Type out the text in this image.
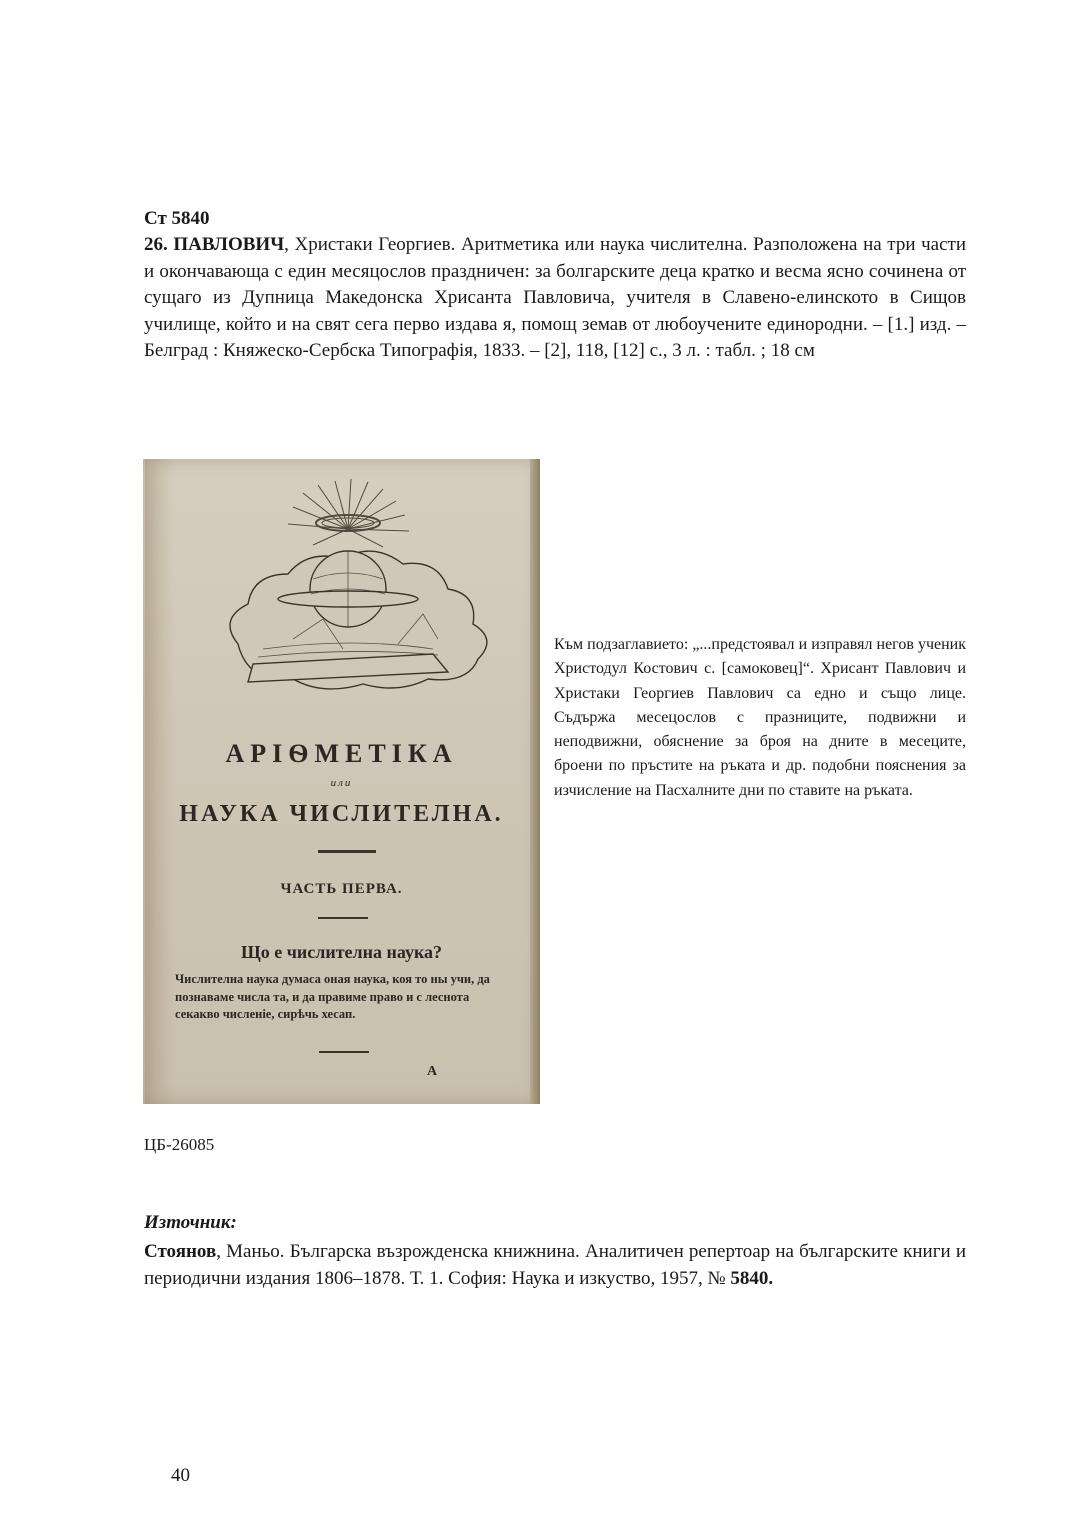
Ст 5840
26. ПАВЛОВИЧ, Христаки Георгиев. Аритметика или наука числителна. Разположена на три части и окончавающа с един месяцослов праздничен: за болгарските деца кратко и весма ясно сочинена от сущаго из Дупница Македонска Хрисанта Павловича, учителя в Славено-елинското в Сищов училище, който и на свят сега перво издава я, помощ земав от любоучените единородни. – [1.] изд. – Белград : Княжеско-Сербска Типографія, 1833. – [2], 118, [12] с., 3 л. : табл. ; 18 см
АРІѲМЕТІКА
или
НАУКА ЧИСЛИТЕЛНА.
ЧАСТЬ ПЕРВА.
Що е числителна наука?
Числителна наука думаса оная наука, коя то ны учи, да познаваме числа та, и да правиме право и с леснота секакво численіе, сирѣчь хесап.
А
Към подзаглавието: „...предстоявал и изправял негов ученик Христодул Костович с. [самоковец]“. Хрисант Павлович и Христаки Георгиев Павлович са едно и също лице. Съдържа месецослов с празниците, подвижни и неподвижни, обяснение за броя на дните в месеците, броени по пръстите на ръката и др. подобни пояснения за изчисление на Пасхалните дни по ставите на ръката.
ЦБ-26085
Източник:
Стоянов, Маньо. Българска възрожденска книжнина. Аналитичен репертоар на българските книги и периодични издания 1806–1878. Т. 1. София: Наука и изкуство, 1957, № 5840.
40
